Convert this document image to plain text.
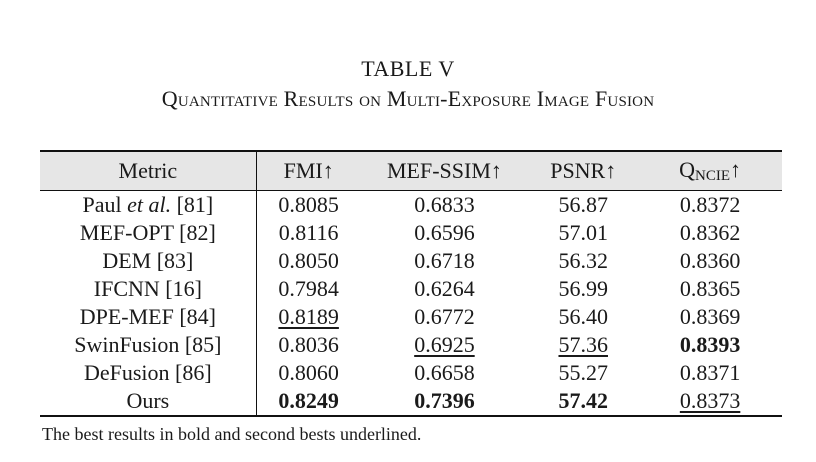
TABLE V
Quantitative Results on Multi-Exposure Image Fusion
Metric	FMI↑	MEF-SSIM↑	PSNR↑	$Q_{NCIE}↑$
Paul et al. [81]	0.8085	0.6833	56.87	0.8372
MEF-OPT [82]	0.8116	0.6596	57.01	0.8362
DEM [83]	0.8050	0.6718	56.32	0.8360
IFCNN [16]	0.7984	0.6264	56.99	0.8365
DPE-MEF [84]	0.8189	0.6772	56.40	0.8369
SwinFusion [85]	0.8036	0.6925	57.36	0.8393
DeFusion [86]	0.8060	0.6658	55.27	0.8371
Ours	0.8249	0.7396	57.42	0.8373
The best results in bold and second bests underlined.
